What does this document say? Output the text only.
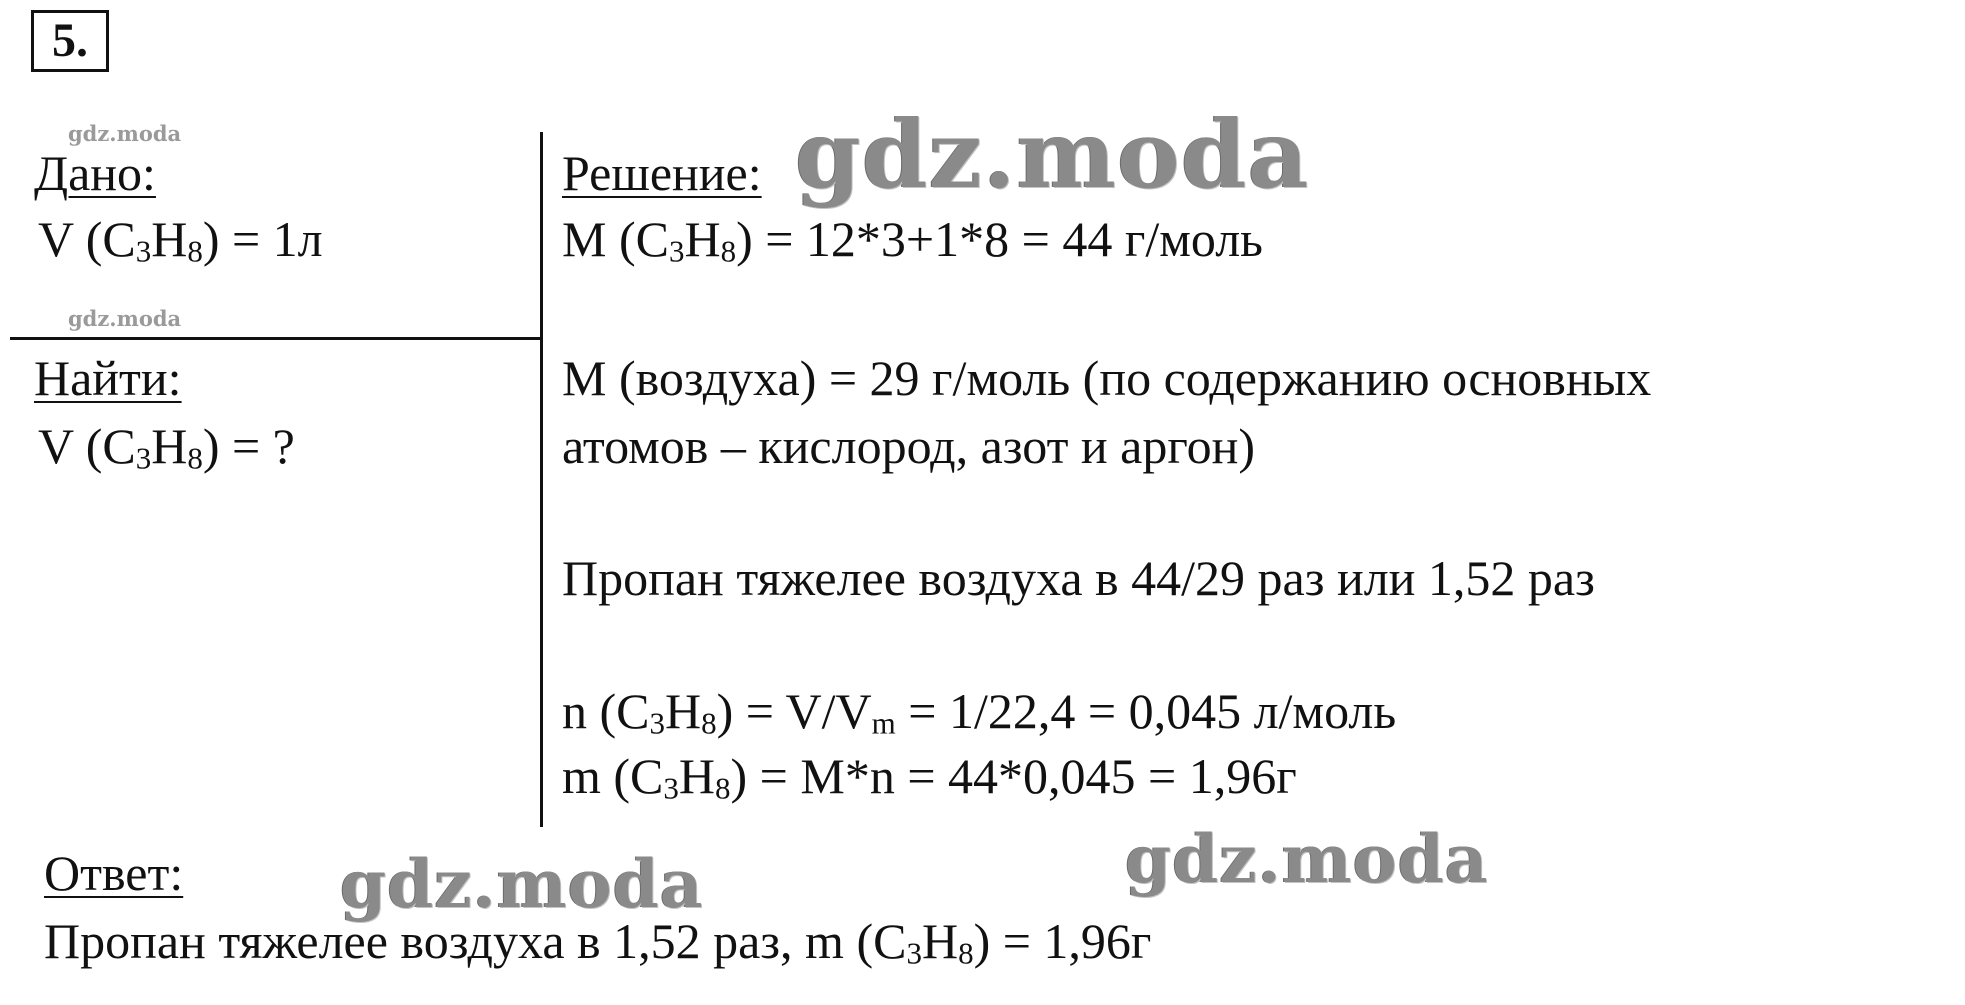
5.
gdz.moda
gdz.moda
Дано:
V $(C_3H_8) = 1л$
Найти:
V $(C_3H_8)$ = ?
Решение:
M $(C_3H_8) = 12*3+1*8 = 44$ г/моль
M (воздуха) = 29 г/моль (по содержанию основных
атомов – кислород, азот и аргон)
Пропан тяжелее воздуха в 44/29 раз или 1,52 раз
n $(C_3H_8) = V/V_m = 1/22,4 = 0,045$ л/моль
m $(C_3H_8) = M*n = 44*0,045 = 1,96г$
Ответ:
Пропан тяжелее воздуха в 1,52 раз, m $(C_3H_8) = 1,96г$
gdz.moda
gdz.moda	gdz.moda
